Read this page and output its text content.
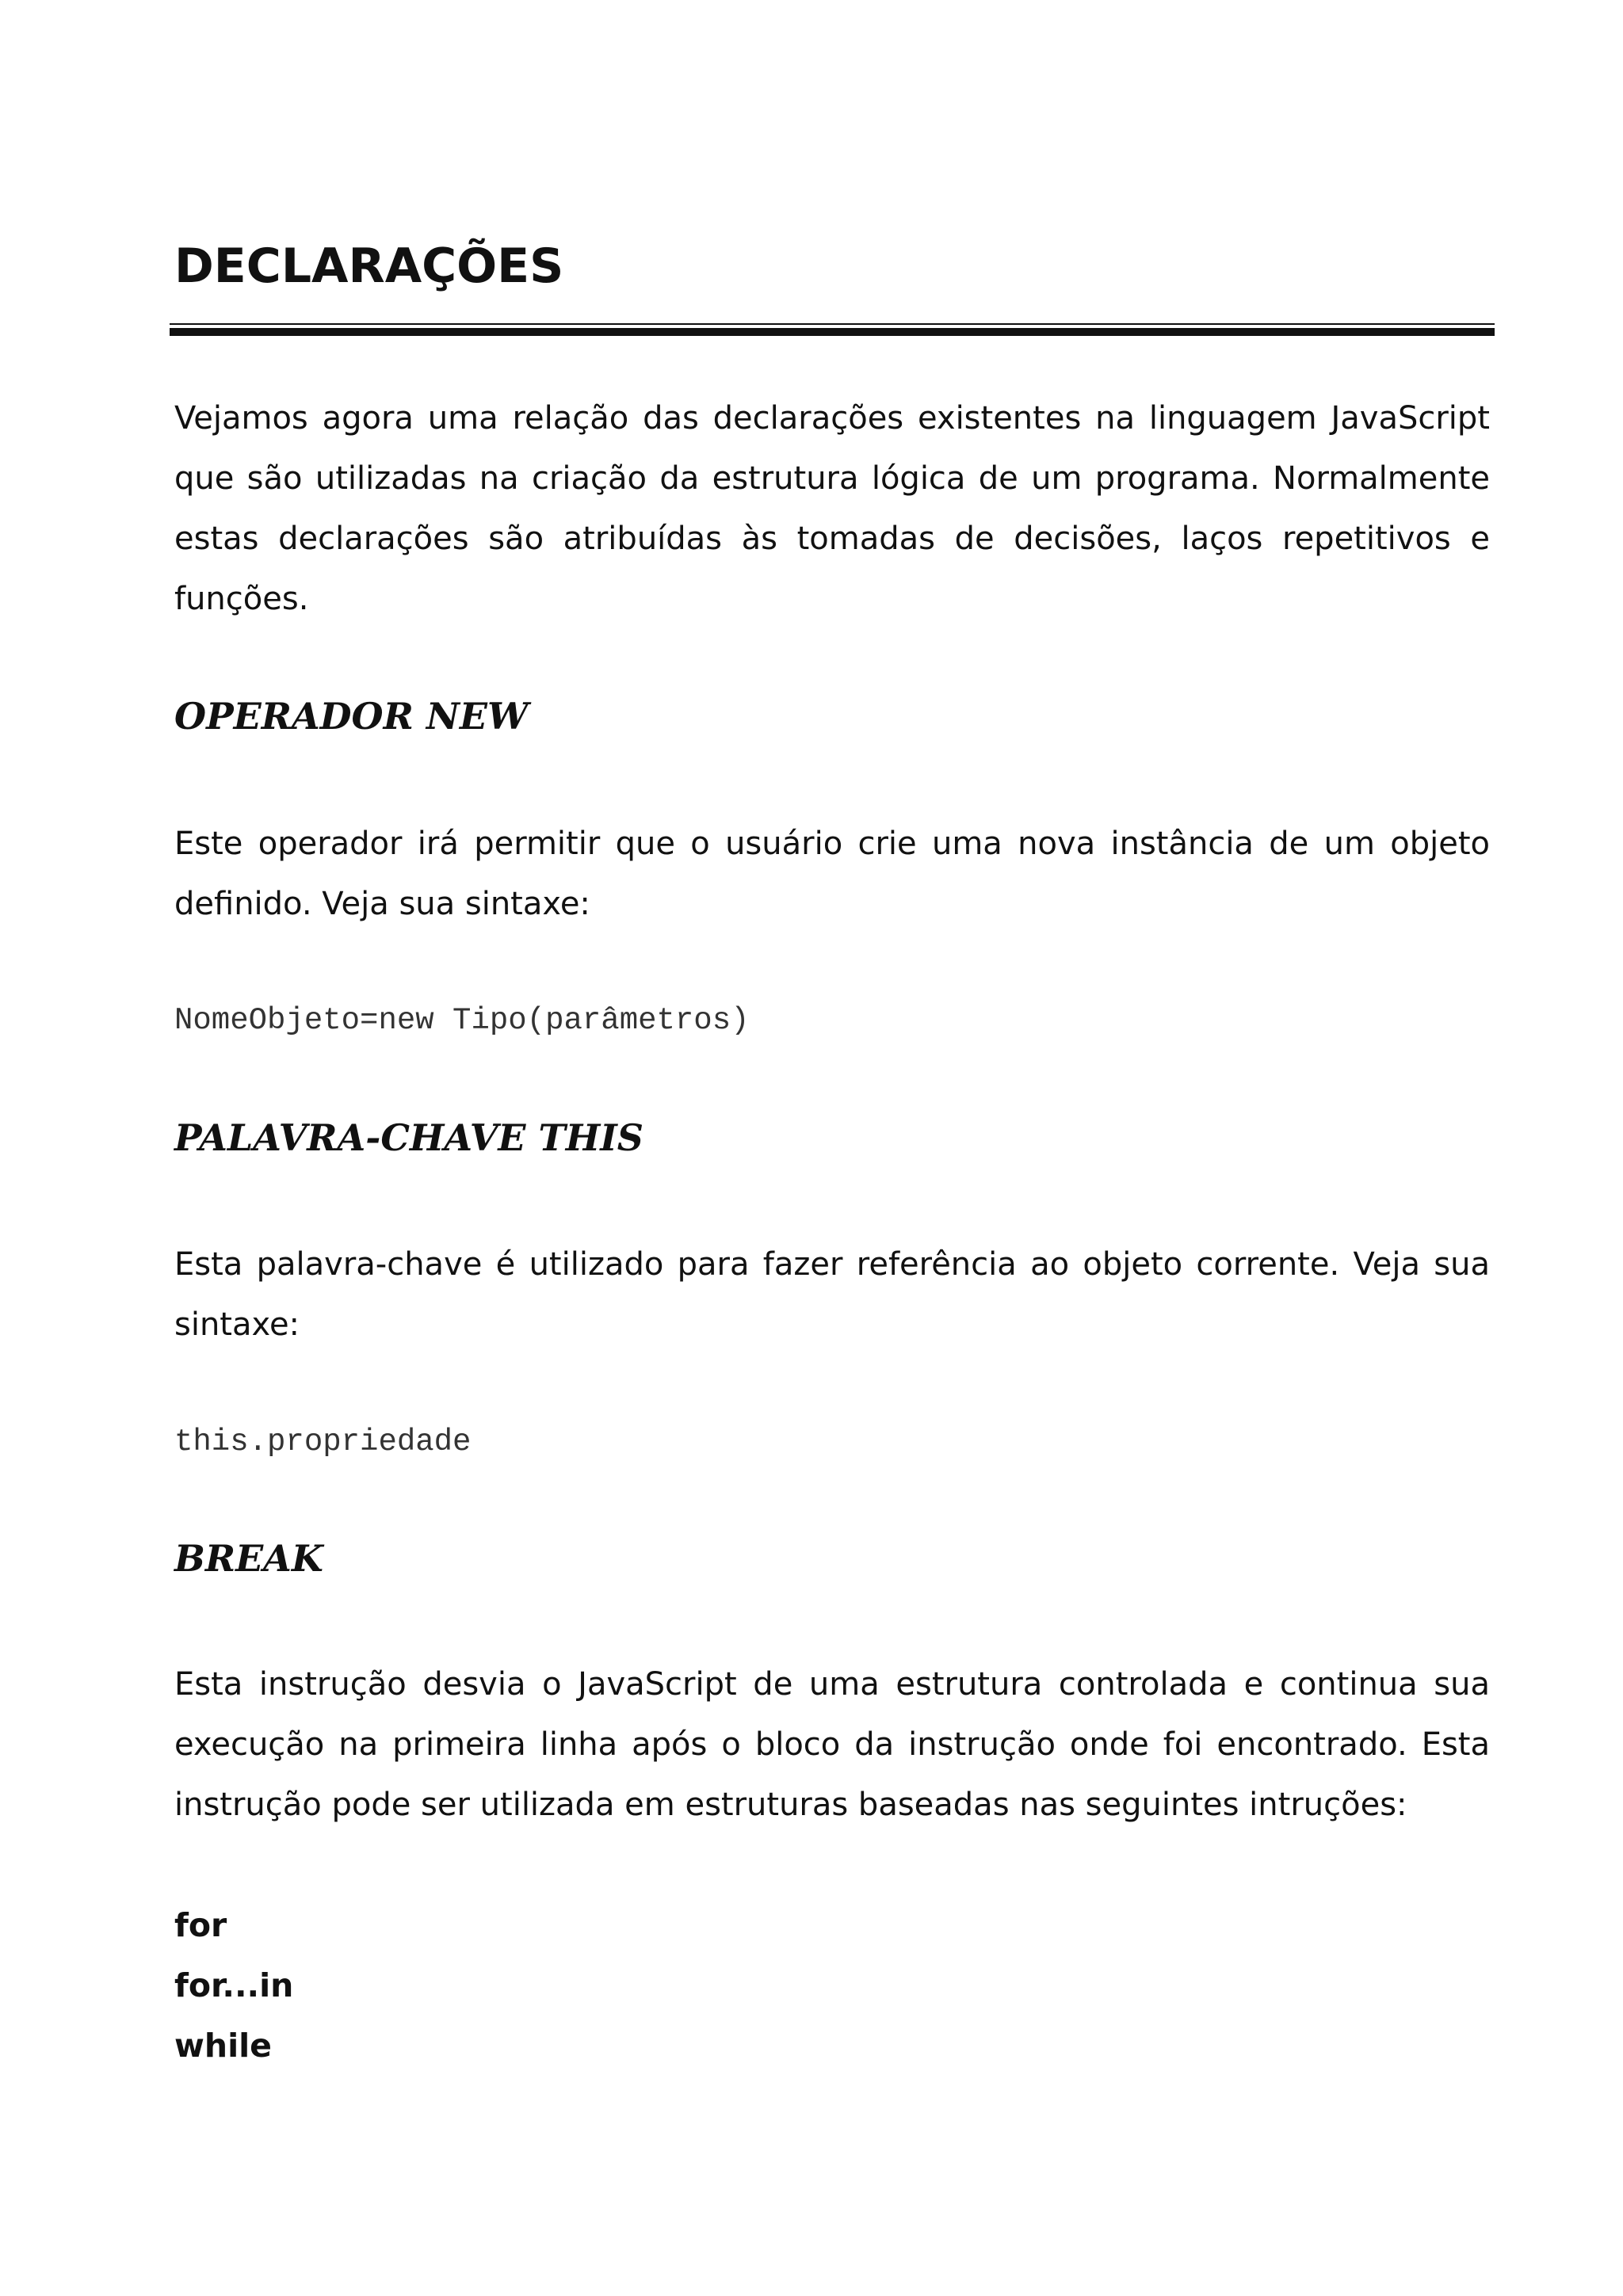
DECLARAÇÕES

Vejamos agora uma relação das declarações existentes na linguagem JavaScript que são utilizadas na criação da estrutura lógica de um programa. Normalmente estas declarações são atribuídas às tomadas de decisões, laços repetitivos e funções.

OPERADOR NEW

Este operador irá permitir que o usuário crie uma nova instância de um objeto definido. Veja sua sintaxe:

NomeObjeto=new Tipo(parâmetros)
PALAVRA-CHAVE THIS

Esta palavra-chave é utilizado para fazer referência ao objeto corrente. Veja sua sintaxe:

this.propriedade
BREAK

Esta instrução desvia o JavaScript de uma estrutura controlada e continua sua execução na primeira linha após o bloco da instrução onde foi encontrado. Esta instrução pode ser utilizada em estruturas baseadas nas seguintes intruções:

for
for...in
while
